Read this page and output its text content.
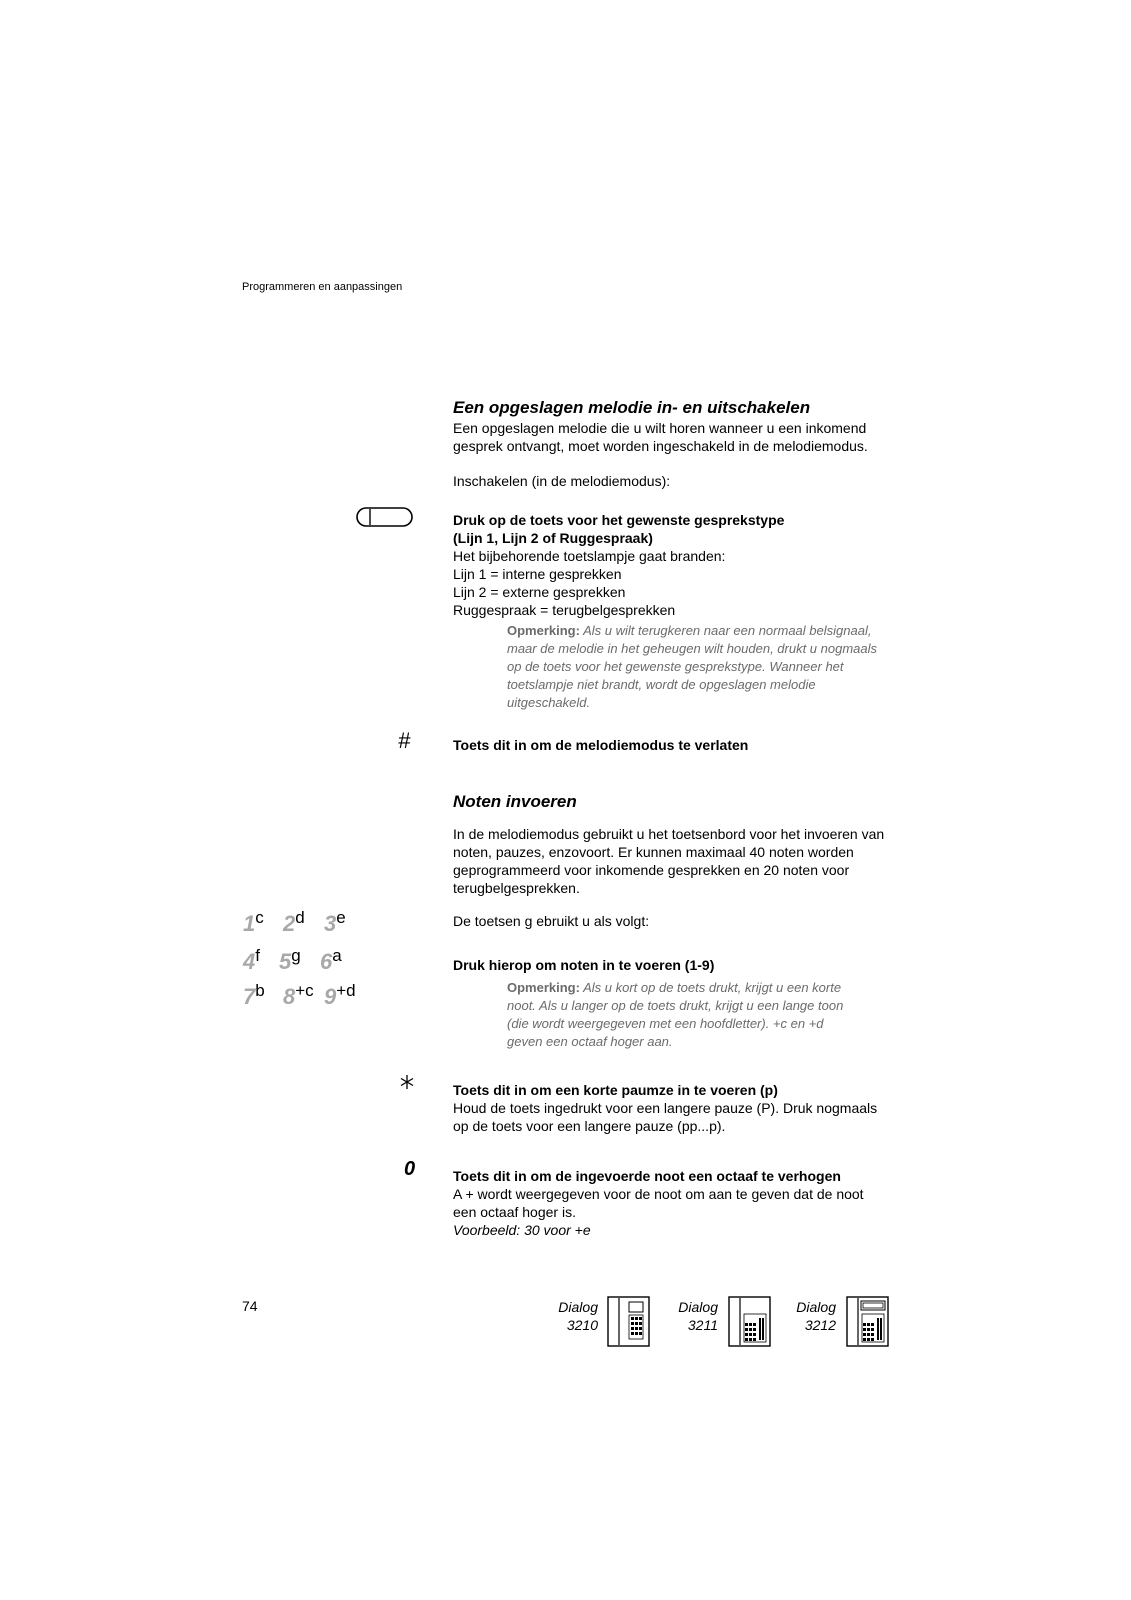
Programmeren en aanpassingen
Een opgeslagen melodie in- en uitschakelen
Een opgeslagen melodie die u wilt horen wanneer u een inkomend
gesprek ontvangt, moet worden ingeschakeld in de melodiemodus.
Inschakelen (in de melodiemodus):
Druk op de toets voor het gewenste gesprekstype
(Lijn 1, Lijn 2 of Ruggespraak)
Het bijbehorende toetslampje gaat branden:
Lijn 1 = interne gesprekken
Lijn 2 = externe gesprekken
Ruggespraak = terugbelgesprekken
Opmerking: Als u wilt terugkeren naar een normaal belsignaal,
maar de melodie in het geheugen wilt houden, drukt u nogmaals
op de toets voor het gewenste gesprekstype. Wanneer het
toetslampje niet brandt, wordt de opgeslagen melodie
uitgeschakeld.
#	Toets dit in om de melodiemodus te verlaten
Noten invoeren
In de melodiemodus gebruikt u het toetsenbord voor het invoeren van
noten, pauzes, enzovoort. Er kunnen maximaal 40 noten worden
geprogrammeerd voor inkomende gesprekken en 20 noten voor
terugbelgesprekken.
De toetsen g ebruikt u als volgt:
1c 2d 3e
4f 5g 6a
7b 8+c 9+d
Druk hierop om noten in te voeren (1-9)
Opmerking: Als u kort op de toets drukt, krijgt u een korte
noot. Als u langer op de toets drukt, krijgt u een lange toon
(die wordt weergegeven met een hoofdletter). +c en +d
geven een octaaf hoger aan.
Toets dit in om een korte paumze in te voeren (p)
Houd de toets ingedrukt voor een langere pauze (P). Druk nogmaals
op de toets voor een langere pauze (pp...p).
0	Toets dit in om de ingevoerde noot een octaaf te verhogen
A + wordt weergegeven voor de noot om aan te geven dat de noot
een octaaf hoger is.
Voorbeeld: 30 voor +e
74	Dialog
3210
Dialog
3211
Dialog
3212
